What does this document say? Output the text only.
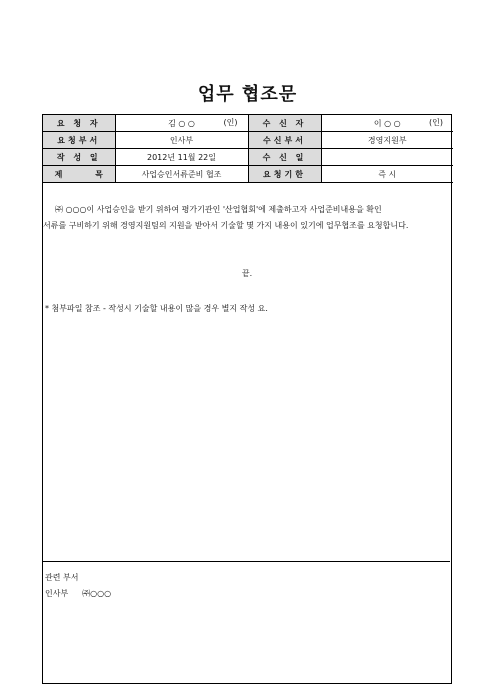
업무 협조문
요 청 자	김 ○ ○ (인)	수 신 자	이 ○ ○ (인)

요청부서	인사부	수신부서	경영지원부
작 성 일	2012년 11월 22일	수 신 일	
제 목	사업승인서류준비 협조	요청기한	즉 시
㈜ ○○○이 사업승인을 받기 위하여 평가기관인 '산업협회'에 제출하고자 사업준비내용을 확인
서류를 구비하기 위해 경영지원팀의 지원을 받아서 기술할 몇 가지 내용이 있기에 업무협조를 요청합니다.
끝.
* 첨부파일 참조 - 작성시 기술할 내용이 많을 경우 별지 작성 요.
관련 부서
인사부 ㈜○○○
